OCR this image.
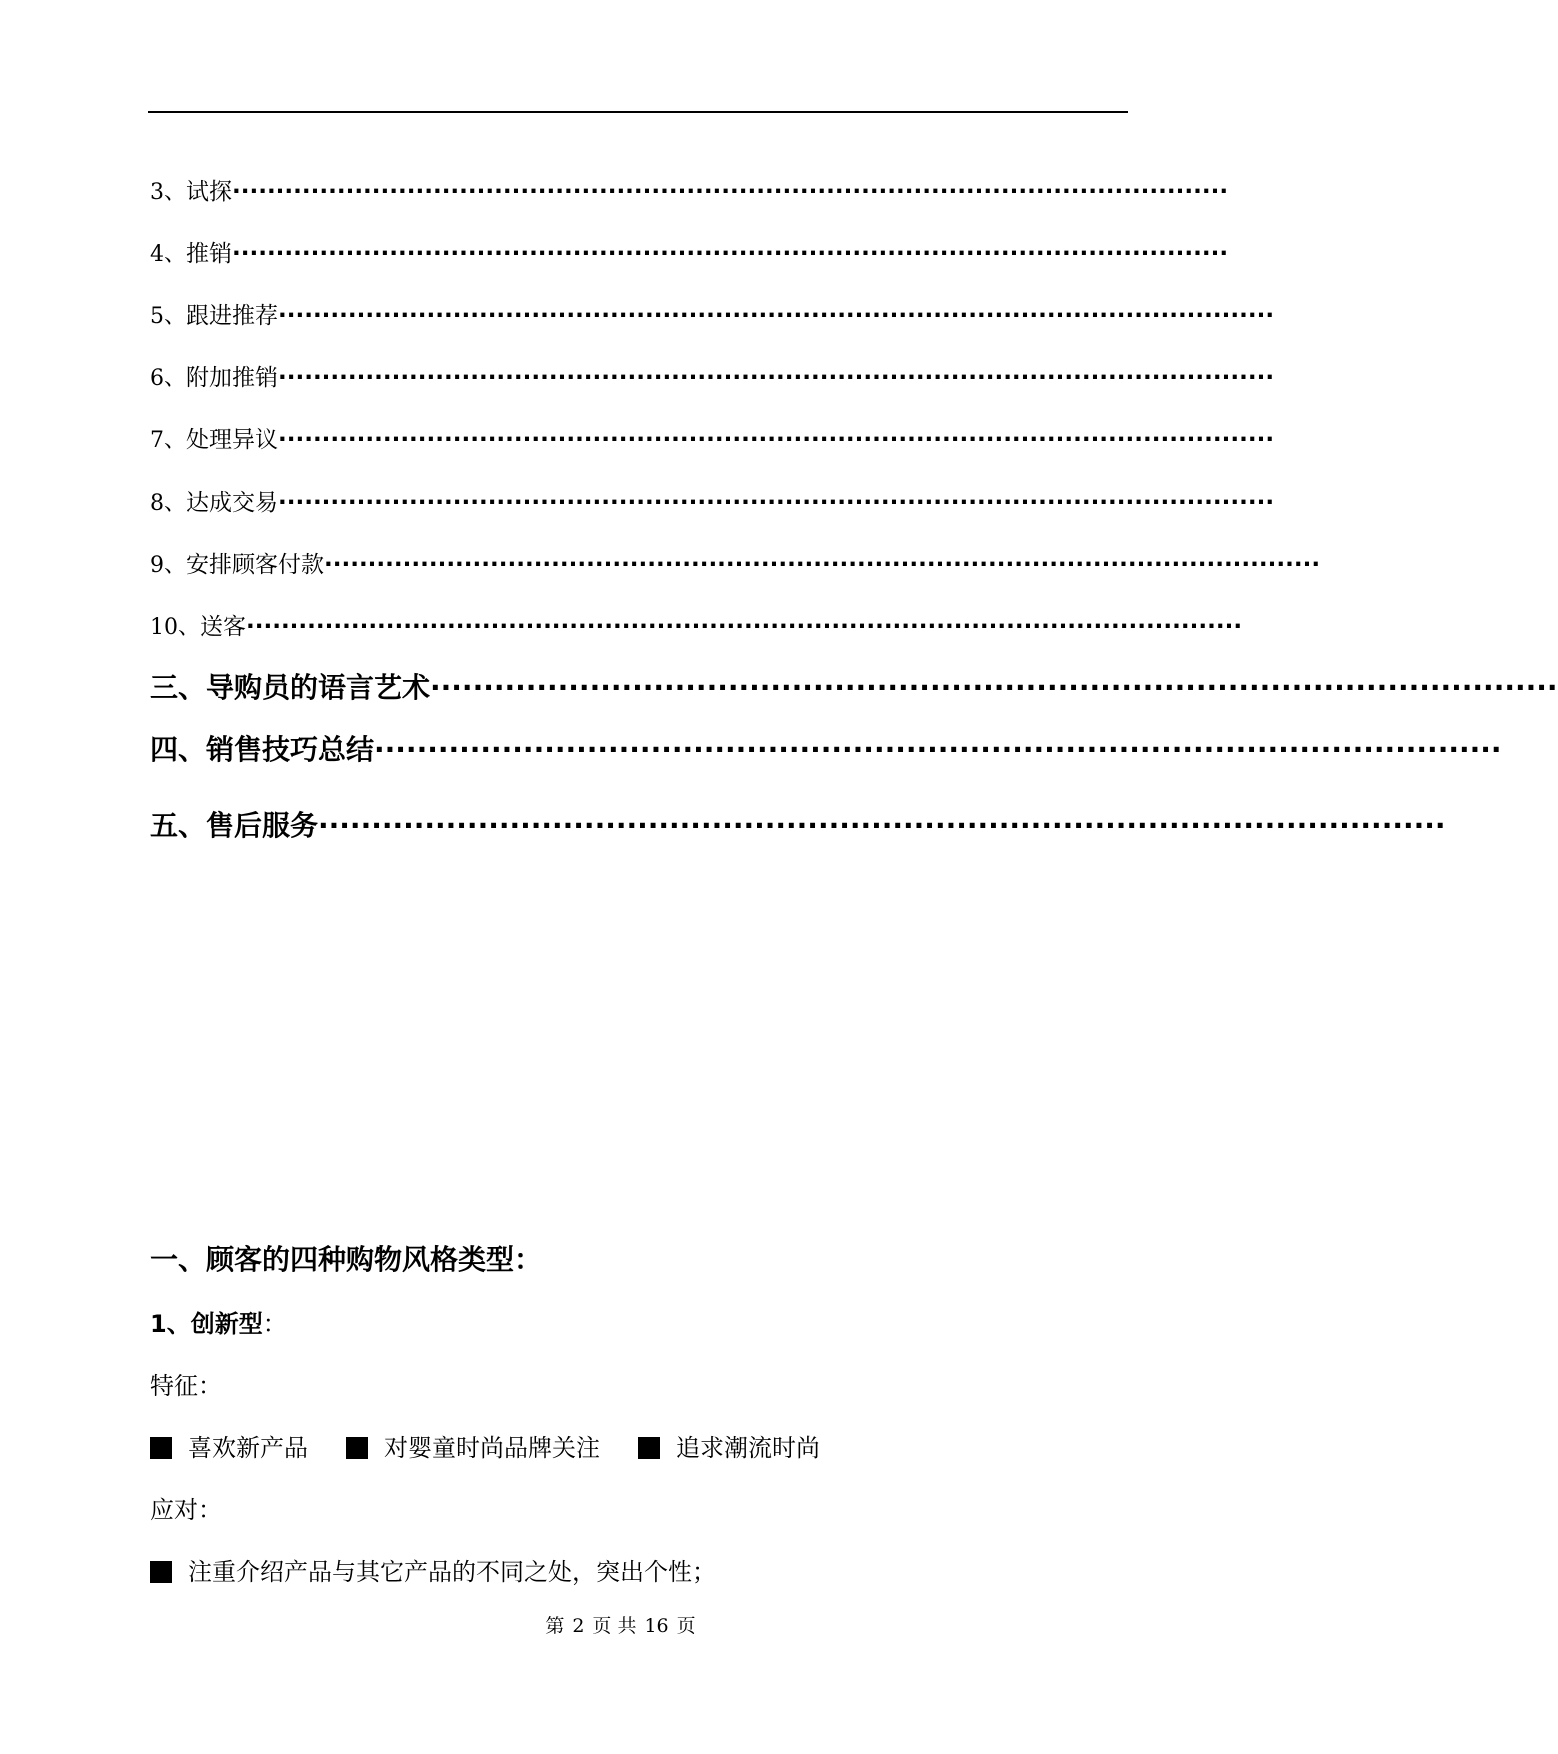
3、试探··················································································································
4、推销··················································································································
5、跟进推荐··················································································································
6、附加推销··················································································································
7、处理异议··················································································································
8、达成交易··················································································································
9、安排顾客付款··················································································································
10、送客··················································································································
三、导购员的语言艺术··········································································································
四、销售技巧总结··········································································································
五、售后服务··········································································································
一、顾客的四种购物风格类型：
1、创新型：
特征：
喜欢新产品	对婴童时尚品牌关注	追求潮流时尚
应对：
注重介绍产品与其它产品的不同之处，突出个性；
第 2 页 共 16 页
